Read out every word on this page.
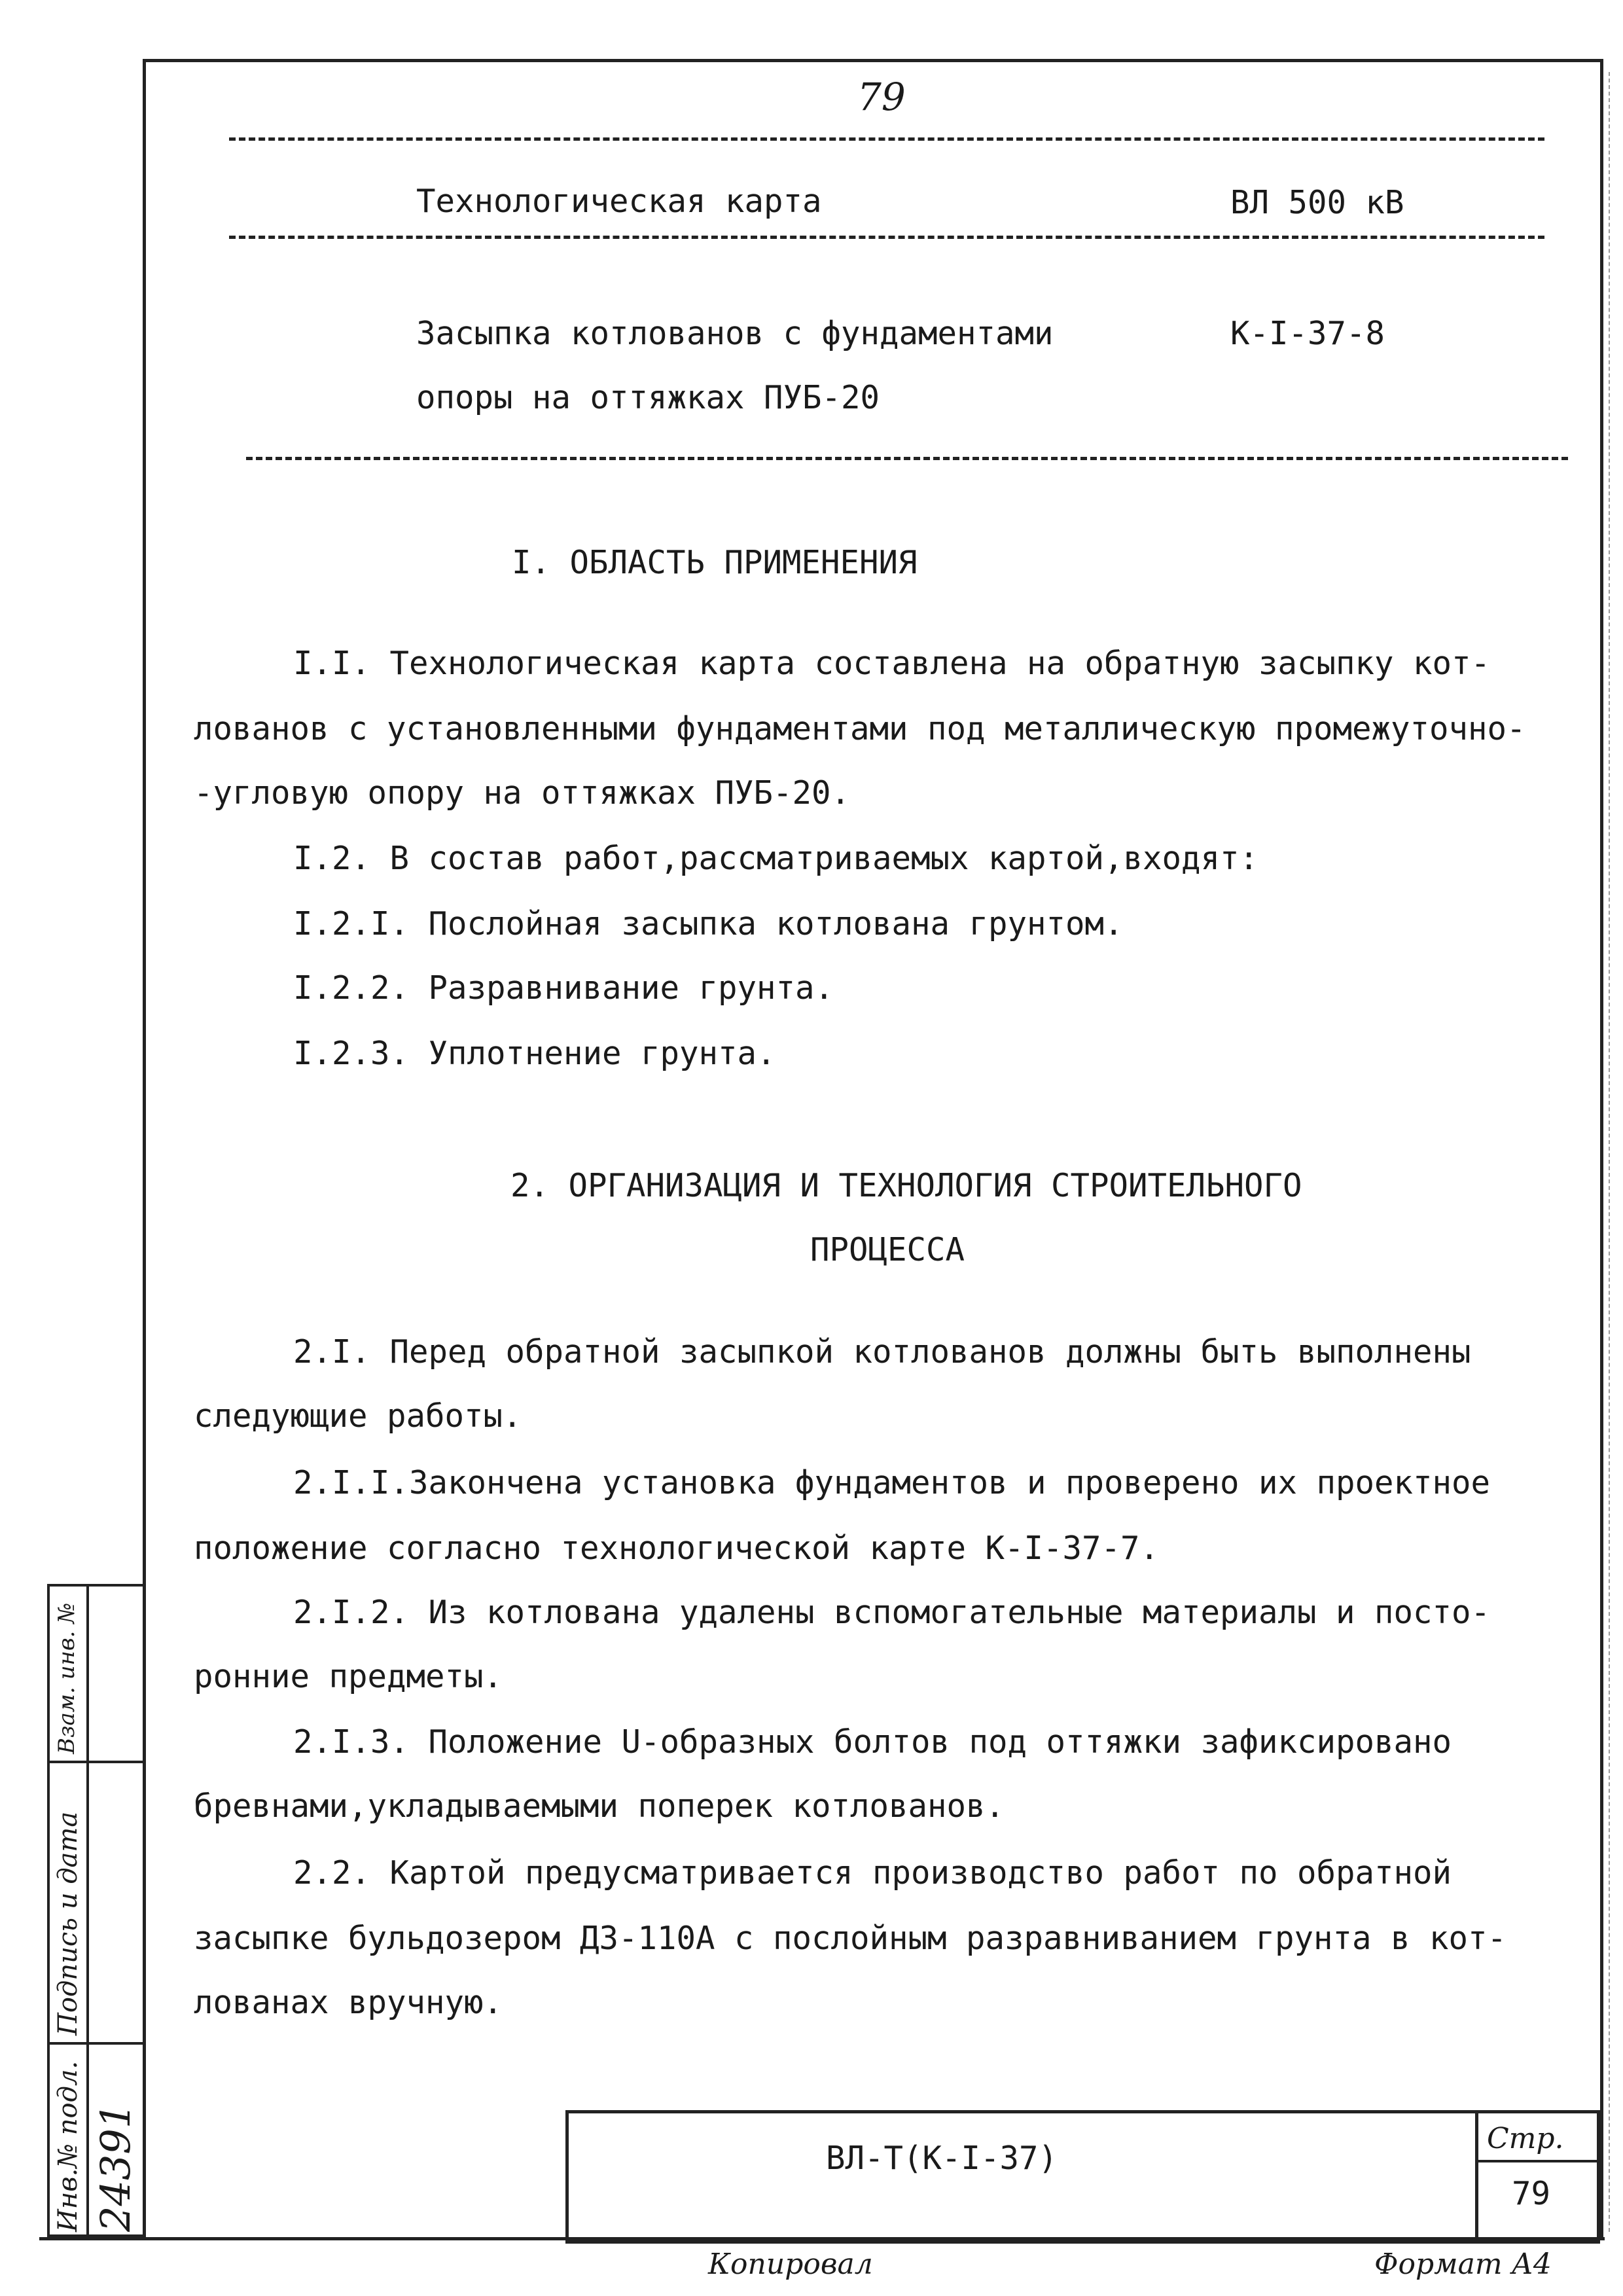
79
Технологическая карта	ВЛ 500 кВ
Засыпка котлованов с фундаментами	К-I-37-8
опоры на оттяжках ПУБ-20
I. ОБЛАСТЬ ПРИМЕНЕНИЯ
I.I. Технологическая карта составлена на обратную засыпку кот-
лованов с установленными фундаментами под металлическую промежуточно-
-угловую опору на оттяжках ПУБ-20.
I.2. В состав работ,рассматриваемых картой,входят:
I.2.I. Послойная засыпка котлована грунтом.
I.2.2. Разравнивание грунта.
I.2.3. Уплотнение грунта.
2. ОРГАНИЗАЦИЯ И ТЕХНОЛОГИЯ СТРОИТЕЛЬНОГО
ПРОЦЕССА
2.I. Перед обратной засыпкой котлованов должны быть выполнены
следующие работы.
2.I.I.Закончена установка фундаментов и проверено их проектное
положение согласно технологической карте К-I-37-7.
2.I.2. Из котлована удалены вспомогательные материалы и посто-
ронние предметы.
2.I.3. Положение U-образных болтов под оттяжки зафиксировано
бревнами,укладываемыми поперек котлованов.
2.2. Картой предусматривается производство работ по обратной
засыпке бульдозером Д3-110А с послойным разравниванием грунта в кот-
лованах вручную.
ВЛ-Т(К-I-37)
Стр.
79
Инв.№ подл. 24391
Подпись и дата
Взам. инв. №
Копировал	Формат А4
